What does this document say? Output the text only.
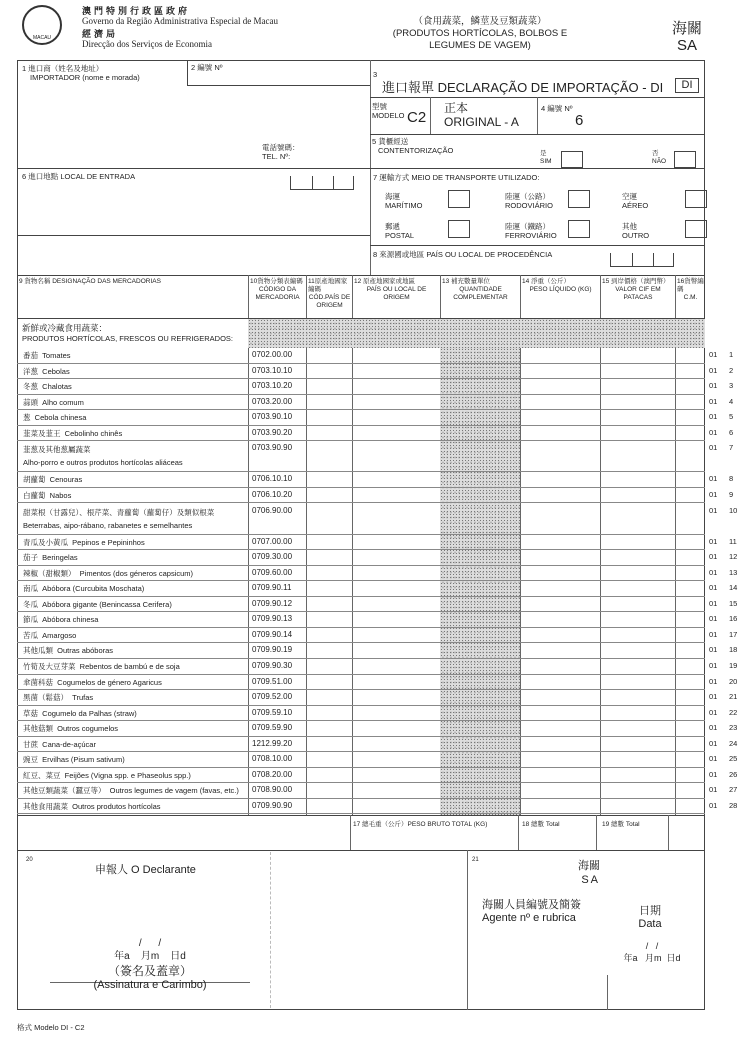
MACAU
澳門特別行政區政府
Governo da Região Administrativa Especial de Macau
經濟局
Direcção dos Serviços de Economia
（食用蔬菜，鱗莖及豆類蔬菜）
(PRODUTOS HORTÍCOLAS, BOLBOS E
LEGUMES DE VAGEM)
海關
SA
1 進口商（姓名及地址）
IMPORTADOR (nome e morada)
2 編號 Nº
電話號碼：
TEL. Nº:
3
進口報單 DECLARAÇÃO DE IMPORTAÇÃO - DI	DI
型號
MODELO C2
正本
ORIGINAL - A
4 編號 Nº
6
5 貨櫃經送
CONTENTORIZAÇÃO	是
SIM
否
NÃO
6 進口地點 LOCAL DE ENTRADA	7 運輸方式 MEIO DE TRANSPORTE UTILIZADO:
海運
MARÍTIMO
陸運（公路）
RODOVIÁRIO
空運
AÉREO
郵遞
POSTAL
陸運（鐵路）
FERROVIÁRIO
其他
OUTRO
8 來源國或地區 PAÍS OU LOCAL DE PROCEDÊNCIA
9 貨物名稱 DESIGNAÇÃO DAS MERCADORIAS	10貨物分類表編碼
CÓDIGO DA MERCADORIA
11原產地國家編碼
CÓD.PAÍS DE ORIGEM
12 原產地國家或地區
PAÍS OU LOCAL DE ORIGEM
13 補充數量單位
QUANTIDADE COMPLEMENTAR
14 淨重（公斤）
PESO LÍQUIDO (KG)
15 到岸價格（澳門幣）
VALOR CIF EM PATACAS
16貨幣編碼
C.M.
新鮮或冷藏食用蔬菜：
PRODUTOS HORTÍCOLAS, FRESCOS OU REFRIGERADOS:
番茄 Tomates	0702.00.00	01 1
洋葱 Cebolas	0703.10.10	01 2
冬葱 Chalotas	0703.10.20	01 3
蒜頭 Alho comum	0703.20.00	01 4
葱 Cebola chinesa	0703.90.10	01 5
韮菜及韮王 Cebolinho chinês	0703.90.20	01 6
韮葱及其他葱屬蔬菜
Alho-porro e outros produtos hortícolas aliáceas
0703.90.90	01 7
胡蘿蔔 Cenouras	0706.10.10	01 8
白蘿蔔 Nabos	0706.10.20	01 9
甜菜根（甘露兒）、根芹菜、青蘿蔔（蘿蔔仔）及類似根菜
Beterrabas, aipo-rábano, rabanetes e semelhantes
0706.90.00	01 10
青瓜及小黃瓜 Pepinos e Pepininhos	0707.00.00	01 11
茄子 Beringelas	0709.30.00	01 12
辣椒（甜椒類） Pimentos (dos géneros capsicum)	0709.60.00	01 13
南瓜 Abóbora (Curcubita Moschata)	0709.90.11	01 14
冬瓜 Abóbora gigante (Benincassa Cerifera)	0709.90.12	01 15
節瓜 Abóbora chinesa	0709.90.13	01 16
苦瓜 Amargoso	0709.90.14	01 17
其他瓜類 Outras abóboras	0709.90.19	01 18
竹筍及大豆芽菜 Rebentos de bambú e de soja	0709.90.30	01 19
傘菌科菇 Cogumelos de género Agaricus	0709.51.00	01 20
黑菌（鬆菇） Trufas	0709.52.00	01 21
草菇 Cogumelo da Palhas (straw)	0709.59.10	01 22
其他菇類 Outros cogumelos	0709.59.90	01 23
甘蔗 Cana-de-açúcar	1212.99.20	01 24
豌豆 Ervilhas (Pisum sativum)	0708.10.00	01 25
紅豆、菜豆 Feijões (Vigna spp. e Phaseolus spp.)	0708.20.00	01 26
其他豆類蔬菜（蠶豆等） Outros legumes de vagem (favas, etc.)	0708.90.00	01 27
其他食用蔬菜 Outros produtos hortícolas	0709.90.90	01 28
17 總毛重（公斤）PESO BRUTO TOTAL (KG)	18 總數 Total	19 總數 Total
20
申報人 O Declarante
/      /
年a    月m    日d
（簽名及蓋章）
(Assinatura e Carimbo)
21	海關
SA
海關人員編號及簡簽
Agente nº e rubrica
日期
Data
/   /
年a   月m  日d
格式 Modelo DI - C2
